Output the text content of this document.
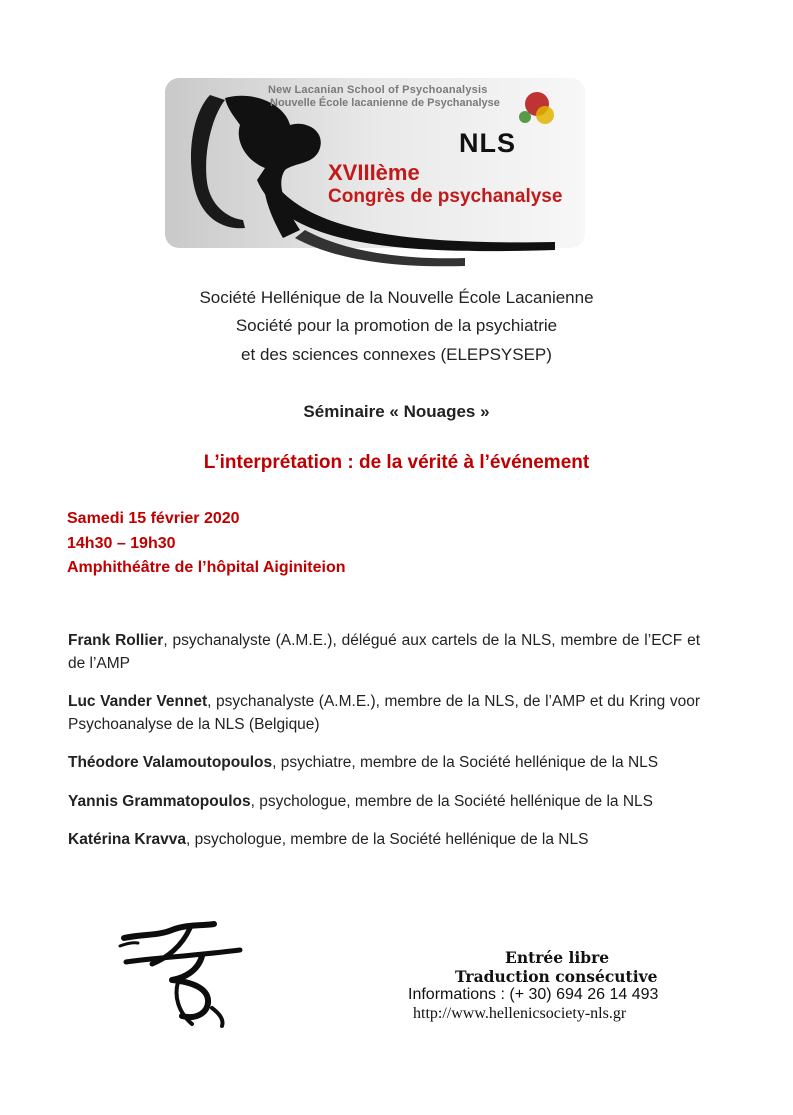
New Lacanian School of Psychoanalysis
Nouvelle École lacanienne de Psychanalyse
NLS
XVIIIème
Congrès de psychanalyse
Société Hellénique de la Nouvelle École Lacanienne
Société pour la promotion de la psychiatrie
et des sciences connexes (ELEPSYSEP)
Séminaire « Nouages »
L’interprétation : de la vérité à l’événement
Samedi 15 février 2020
14h30 – 19h30
Amphithéâtre de l’hôpital Aiginiteion
Frank Rollier, psychanalyste (A.M.E.), délégué aux cartels de la NLS, membre de l’ECF et de l’AMP
Luc Vander Vennet, psychanalyste (A.M.E.), membre de la NLS, de l’AMP et du Kring voor Psychoanalyse de la NLS (Belgique)
Théodore Valamoutopoulos, psychiatre, membre de la Société hellénique de la NLS
Yannis Grammatopoulos, psychologue, membre de la Société hellénique de la NLS
Katérina Kravva, psychologue, membre de la Société hellénique de la NLS
Entrée libre
Traduction consécutive
Informations : (+ 30) 694 26 14 493
http://www.hellenicsociety-nls.gr
